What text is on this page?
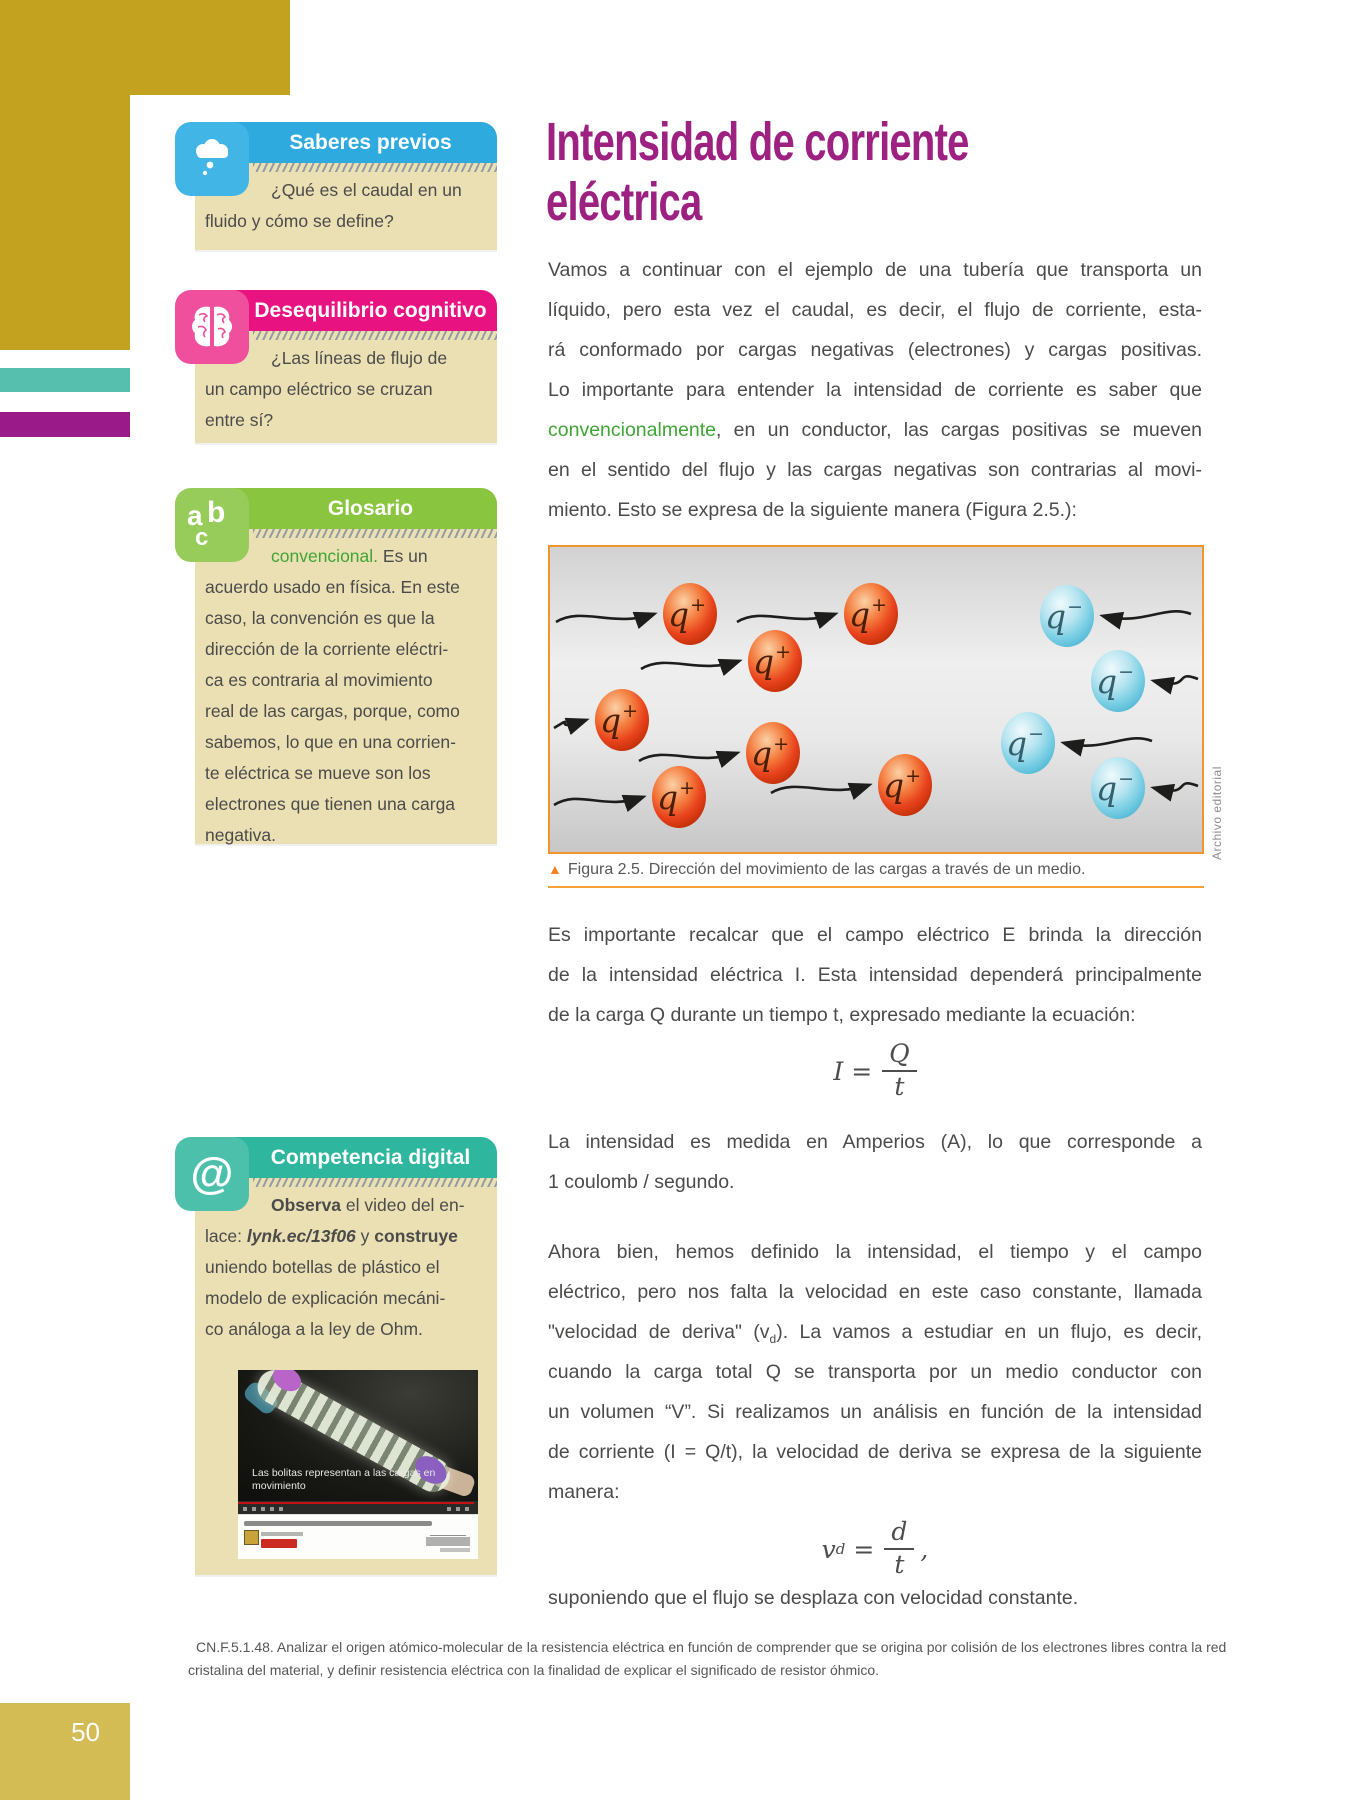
50
¿Qué es el caudal en un
fluido y cómo se define?
Saberes previos
¿Las líneas de flujo de
un campo eléctrico se cruzan
entre sí?
Desequilibrio cognitivo
convencional. Es un
acuerdo usado en física. En este
caso, la convención es que la
dirección de la corriente eléctri-
ca es contraria al movimiento
real de las cargas, porque, como
sabemos, lo que en una corrien-
te eléctrica se mueve son los
electrones que tienen una carga
negativa.
Glosario
a b
c
Observa el video del en-
lace: lynk.ec/13f06 y construye
uniendo botellas de plástico el
modelo de explicación mecáni-
co análoga a la ley de Ohm.
Competencia digital
@
Las bolitas representan a las cargas en movimiento
Intensidad de corriente
eléctrica
Vamos a continuar con el ejemplo de una tubería que transporta un
líquido, pero esta vez el caudal, es decir, el flujo de corriente, esta-
rá conformado por cargas negativas (electrones) y cargas positivas.
Lo importante para entender la intensidad de corriente es saber que
convencionalmente, en un conductor, las cargas positivas se mueven
en el sentido del flujo y las cargas negativas son contrarias al movi-
miento. Esto se expresa de la siguiente manera (Figura 2.5.):
q+	q+
q+
q+
q+
q+	q+
q−
q−
q−
q−	Archivo editorial
▲ Figura 2.5. Dirección del movimiento de las cargas a través de un medio.
Es importante recalcar que el campo eléctrico E brinda la dirección
de la intensidad eléctrica I. Esta intensidad dependerá principalmente
de la carga Q durante un tiempo t, expresado mediante la ecuación:
$I = \frac{Q}{t}$
La intensidad es medida en Amperios (A), lo que corresponde a
1 coulomb / segundo.
Ahora bien, hemos definido la intensidad, el tiempo y el campo
eléctrico, pero nos falta la velocidad en este caso constante, llamada
"velocidad de deriva" $(v_d)$. La vamos a estudiar en un flujo, es decir,
cuando la carga total Q se transporta por un medio conductor con
un volumen “V”. Si realizamos un análisis en función de la intensidad
de corriente (I = Q/t), la velocidad de deriva se expresa de la siguiente
manera:
v $d = \frac{d}{t}$ ,
suponiendo que el flujo se desplaza con velocidad constante.
CN.F.5.1.48. Analizar el origen atómico-molecular de la resistencia eléctrica en función de comprender que se origina por colisión de los electrones libres contra la red
cristalina del material, y definir resistencia eléctrica con la finalidad de explicar el significado de resistor óhmico.
